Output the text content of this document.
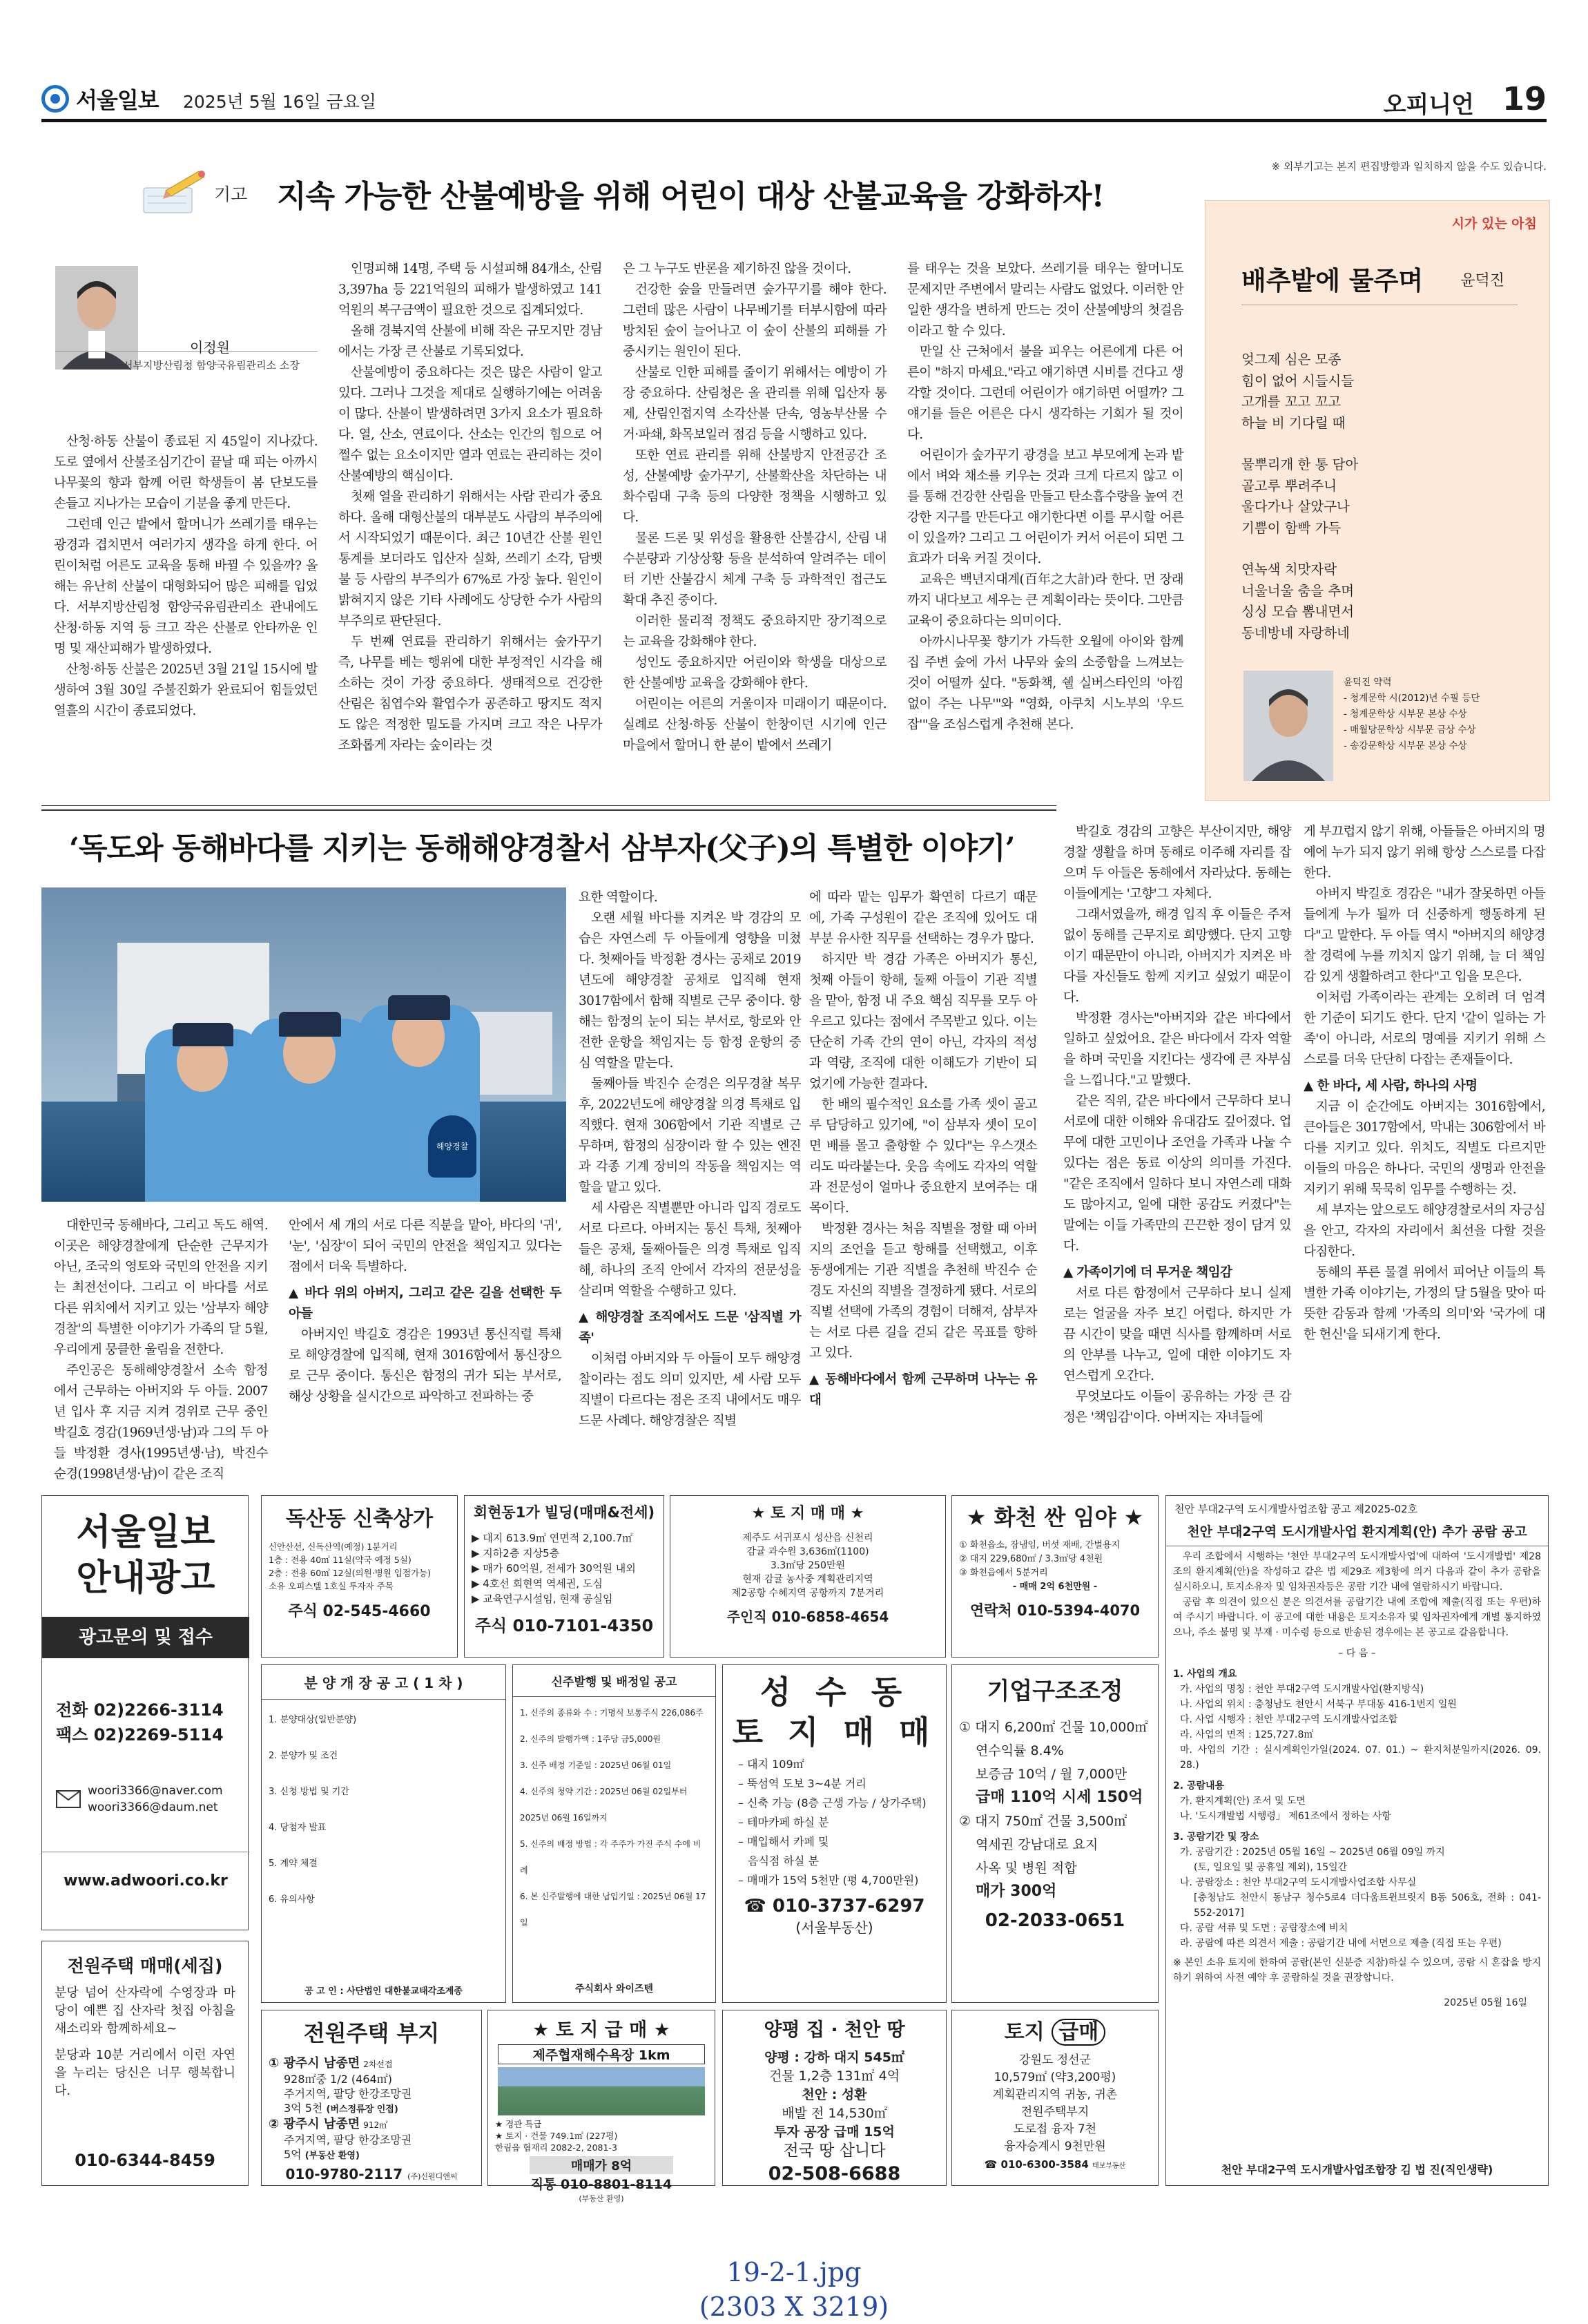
서울일보 2025년 5월 16일 금요일	오피니언 19
※ 외부기고는 본지 편집방향과 일치하지 않을 수도 있습니다.
기고 지속 가능한 산불예방을 위해 어린이 대상 산불교육을 강화하자!
이정원
서부지방산림청 함양국유림관리소 소장

산청·하동 산불이 종료된 지 45일이 지나갔다. 도로 옆에서 산불조심기간이 끝날 때 피는 아까시나무꽃의 향과 함께 어린 학생들이 봄 단보도를 손들고 지나가는 모습이 기분을 좋게 만든다.

그런데 인근 밭에서 할머니가 쓰레기를 태우는 광경과 겹치면서 여러가지 생각을 하게 한다. 어린이처럼 어른도 교육을 통해 바뀔 수 있을까? 올해는 유난히 산불이 대형화되어 많은 피해를 입었다. 서부지방산림청 함양국유림관리소 관내에도 산청·하동 지역 등 크고 작은 산불로 안타까운 인명 및 재산피해가 발생하였다.

산청·하동 산불은 2025년 3월 21일 15시에 발생하여 3월 30일 주불진화가 완료되어 힘들었던 열흘의 시간이 종료되었다.

인명피해 14명, 주택 등 시설피해 84개소, 산림 3,397ha 등 221억원의 피해가 발생하였고 141억원의 복구금액이 필요한 것으로 집계되었다.

올해 경북지역 산불에 비해 작은 규모지만 경남에서는 가장 큰 산불로 기록되었다.

산불예방이 중요하다는 것은 많은 사람이 알고 있다. 그러나 그것을 제대로 실행하기에는 어려움이 많다. 산불이 발생하려면 3가지 요소가 필요하다. 열, 산소, 연료이다. 산소는 인간의 힘으로 어쩔수 없는 요소이지만 열과 연료는 관리하는 것이 산불예방의 핵심이다.

첫째 열을 관리하기 위해서는 사람 관리가 중요하다. 올해 대형산불의 대부분도 사람의 부주의에서 시작되었기 때문이다. 최근 10년간 산불 원인 통계를 보더라도 입산자 실화, 쓰레기 소각, 담뱃불 등 사람의 부주의가 67%로 가장 높다. 원인이 밝혀지지 않은 기타 사례에도 상당한 수가 사람의 부주의로 판단된다.

두 번째 연료를 관리하기 위해서는 숲가꾸기 즉, 나무를 베는 행위에 대한 부정적인 시각을 해소하는 것이 가장 중요하다. 생태적으로 건강한 산림은 침엽수와 활엽수가 공존하고 땅지도 적지도 않은 적정한 밀도를 가지며 크고 작은 나무가 조화롭게 자라는 숲이라는 것

은 그 누구도 반론을 제기하진 않을 것이다.

건강한 숲을 만들려면 숲가꾸기를 해야 한다. 그런데 많은 사람이 나무베기를 터부시함에 따라 방치된 숲이 늘어나고 이 숲이 산불의 피해를 가중시키는 원인이 된다.

산불로 인한 피해를 줄이기 위해서는 예방이 가장 중요하다. 산림청은 올 관리를 위해 입산자 통제, 산림인접지역 소각산불 단속, 영농부산물 수거·파쇄, 화목보일러 점검 등을 시행하고 있다.

또한 연료 관리를 위해 산불방지 안전공간 조성, 산불예방 숲가꾸기, 산불확산을 차단하는 내화수림대 구축 등의 다양한 정책을 시행하고 있다.

물론 드론 및 위성을 활용한 산불감시, 산림 내 수분량과 기상상황 등을 분석하여 알려주는 데이터 기반 산불감시 체계 구축 등 과학적인 접근도 확대 추진 중이다.

이러한 물리적 정책도 중요하지만 장기적으로는 교육을 강화해야 한다.

성인도 중요하지만 어린이와 학생을 대상으로 한 산불예방 교육을 강화해야 한다.

어린이는 어른의 거울이자 미래이기 때문이다. 실례로 산청·하동 산불이 한창이던 시기에 인근 마을에서 할머니 한 분이 밭에서 쓰레기

를 태우는 것을 보았다. 쓰레기를 태우는 할머니도 문제지만 주변에서 말리는 사람도 없었다. 이러한 안일한 생각을 변하게 만드는 것이 산불예방의 첫걸음이라고 할 수 있다.

만일 산 근처에서 불을 피우는 어른에게 다른 어른이 "하지 마세요."라고 얘기하면 시비를 건다고 생각할 것이다. 그런데 어린이가 얘기하면 어떨까? 그 얘기를 들은 어른은 다시 생각하는 기회가 될 것이다.

어린이가 숲가꾸기 광경을 보고 부모에게 논과 밭에서 벼와 채소를 키우는 것과 크게 다르지 않고 이를 통해 건강한 산림을 만들고 탄소흡수량을 높여 건강한 지구를 만든다고 얘기한다면 이를 무시할 어른이 있을까? 그리고 그 어린이가 커서 어른이 되면 그 효과가 더욱 커질 것이다.

교육은 백년지대계(百年之大計)라 한다. 먼 장래까지 내다보고 세우는 큰 계획이라는 뜻이다. 그만큼 교육이 중요하다는 의미이다.

아까시나무꽃 향기가 가득한 오월에 아이와 함께 집 주변 숲에 가서 나무와 숲의 소중함을 느껴보는 것이 어떨까 싶다. "동화책, 쉘 실버스타인의 '아낌없이 주는 나무'"와 "영화, 아쿠치 시노부의 '우드 잡'"을 조심스럽게 추천해 본다.

시가 있는 아침
배추밭에 물주며 윤덕진
엊그제 심은 모종
힘이 없어 시들시들
고개를 꼬고 꼬고
하늘 비 기다릴 때
물뿌리개 한 통 담아
골고루 뿌려주니
울다가나 살았구나
기쁨이 함빡 가득
연녹색 치맛자락
너울너울 춤을 추며
싱싱 모습 뽐내면서
동네방네 자랑하네
윤덕진 약력
- 청계문학 시(2012)년 수필 등단
- 청계문학상 시부문 본상 수상
- 매월당문학상 시부문 금상 수상
- 송강문학상 시부문 본상 수상
‘독도와 동해바다를 지키는 동해해양경찰서 삼부자(父子)의 특별한 이야기’
해양경찰

대한민국 동해바다, 그리고 독도 해역. 이곳은 해양경찰에게 단순한 근무지가 아닌, 조국의 영토와 국민의 안전을 지키는 최전선이다. 그리고 이 바다를 서로 다른 위치에서 지키고 있는 '삼부자 해양경찰'의 특별한 이야기가 가족의 달 5월, 우리에게 뭉클한 울림을 전한다.

주인공은 동해해양경찰서 소속 함정에서 근무하는 아버지와 두 아들. 2007년 입사 후 지금 지켜 경위로 근무 중인 박길호 경감(1969년생·남)과 그의 두 아들 박정환 경사(1995년생·남), 박진수 순경(1998년생·남)이 같은 조직

안에서 세 개의 서로 다른 직분을 맡아, 바다의 '귀', '눈', '심장'이 되어 국민의 안전을 책임지고 있다는 점에서 더욱 특별하다.

▲ 바다 위의 아버지, 그리고 같은 길을 선택한 두 아들

아버지인 박길호 경감은 1993년 통신직렬 특채로 해양경찰에 입직해, 현재 3016함에서 통신장으로 근무 중이다. 통신은 함정의 귀가 되는 부서로, 해상 상황을 실시간으로 파악하고 전파하는 중

요한 역할이다.

오랜 세월 바다를 지켜온 박 경감의 모습은 자연스레 두 아들에게 영향을 미쳤다. 첫째아들 박정환 경사는 공채로 2019년도에 해양경찰 공채로 입직해 현재 3017함에서 함해 직별로 근무 중이다. 항해는 함정의 눈이 되는 부서로, 항로와 안전한 운항을 책임지는 등 함정 운항의 중심 역할을 맡는다.

둘째아들 박진수 순경은 의무경찰 복무 후, 2022년도에 해양경찰 의경 특채로 입직했다. 현재 306함에서 기관 직별로 근무하며, 함정의 심장이라 할 수 있는 엔진과 각종 기계 장비의 작동을 책임지는 역할을 맡고 있다.

세 사람은 직별뿐만 아니라 입직 경로도 서로 다르다. 아버지는 통신 특채, 첫째아들은 공채, 둘째아들은 의경 특채로 입직해, 하나의 조직 안에서 각자의 전문성을 살리며 역할을 수행하고 있다.

▲ 해양경찰 조직에서도 드문 '삼직별 가족'

이처럼 아버지와 두 아들이 모두 해양경찰이라는 점도 의미 있지만, 세 사람 모두 직별이 다르다는 점은 조직 내에서도 매우 드문 사례다. 해양경찰은 직별

에 따라 맡는 임무가 확연히 다르기 때문에, 가족 구성원이 같은 조직에 있어도 대부분 유사한 직무를 선택하는 경우가 많다.

하지만 박 경감 가족은 아버지가 통신, 첫째 아들이 항해, 둘째 아들이 기관 직별을 맡아, 함정 내 주요 핵심 직무를 모두 아우르고 있다는 점에서 주목받고 있다. 이는 단순히 가족 간의 연이 아닌, 각자의 적성과 역량, 조직에 대한 이해도가 기반이 되었기에 가능한 결과다.

한 배의 필수적인 요소를 가족 셋이 골고루 담당하고 있기에, "이 삼부자 셋이 모이면 배를 몰고 출항할 수 있다"는 우스갯소리도 따라붙는다. 웃음 속에도 각자의 역할과 전문성이 얼마나 중요한지 보여주는 대목이다.

박정환 경사는 처음 직별을 정할 때 아버지의 조언을 듣고 항해를 선택했고, 이후 동생에게는 기관 직별을 추천해 박진수 순경도 자신의 직별을 결정하게 됐다. 서로의 직별 선택에 가족의 경험이 더해져, 삼부자는 서로 다른 길을 걷되 같은 목표를 향하고 있다.

▲ 동해바다에서 함께 근무하며 나누는 유대

박길호 경감의 고향은 부산이지만, 해양경찰 생활을 하며 동해로 이주해 자리를 잡으며 두 아들은 동해에서 자라났다. 동해는 이들에게는 '고향'그 자체다.

그래서였을까, 해경 입직 후 이들은 주저 없이 동해를 근무지로 희망했다. 단지 고향이기 때문만이 아니라, 아버지가 지켜온 바다를 자신들도 함께 지키고 싶었기 때문이다.

박정환 경사는"아버지와 같은 바다에서 일하고 싶었어요. 같은 바다에서 각자 역할을 하며 국민을 지킨다는 생각에 큰 자부심을 느낍니다."고 말했다.

같은 직위, 같은 바다에서 근무하다 보니 서로에 대한 이해와 유대감도 깊어졌다. 업무에 대한 고민이나 조언을 가족과 나눌 수 있다는 점은 동료 이상의 의미를 가진다. "같은 조직에서 일하다 보니 자연스레 대화도 많아지고, 일에 대한 공감도 커졌다"는 말에는 이들 가족만의 끈끈한 정이 담겨 있다.

▲ 가족이기에 더 무거운 책임감

서로 다른 함정에서 근무하다 보니 실제로는 얼굴을 자주 보긴 어렵다. 하지만 가끔 시간이 맞을 때면 식사를 함께하며 서로의 안부를 나누고, 일에 대한 이야기도 자연스럽게 오간다.

무엇보다도 이들이 공유하는 가장 큰 감정은 '책임감'이다. 아버지는 자녀들에

게 부끄럽지 않기 위해, 아들들은 아버지의 명예에 누가 되지 않기 위해 항상 스스로를 다잡한다.

아버지 박길호 경감은 "내가 잘못하면 아들들에게 누가 될까 더 신중하게 행동하게 된다"고 말한다. 두 아들 역시 "아버지의 해양경찰 경력에 누를 끼치지 않기 위해, 늘 더 책임감 있게 생활하려고 한다"고 입을 모은다.

이처럼 가족이라는 관계는 오히려 더 엄격한 기준이 되기도 한다. 단지 '같이 일하는 가족'이 아니라, 서로의 명예를 지키기 위해 스스로를 더욱 단단히 다잡는 존재들이다.

▲ 한 바다, 세 사람, 하나의 사명

지금 이 순간에도 아버지는 3016함에서, 큰아들은 3017함에서, 막내는 306함에서 바다를 지키고 있다. 위치도, 직별도 다르지만 이들의 마음은 하나다. 국민의 생명과 안전을 지키기 위해 묵묵히 임무를 수행하는 것.

세 부자는 앞으로도 해양경찰로서의 자긍심을 안고, 각자의 자리에서 최선을 다할 것을 다짐한다.

동해의 푸른 물결 위에서 피어난 이들의 특별한 가족 이야기는, 가정의 달 5월을 맞아 따뜻한 감동과 함께 '가족의 의미'와 '국가에 대한 헌신'을 되새기게 한다.

서울일보
안내광고
광고문의 및 접수
전화 02)2266-3114
팩스 02)2269-5114
woori3366@naver.com
woori3366@daum.net
www.adwoori.co.kr
독산동 신축상가
신안산선, 신독산역(예정) 1분거리
1층 : 전용 40㎡ 11실(약국 예정 5실)
2층 : 전용 60㎡ 12실(의원·병원 입점가능)
소유 오피스텔 1호실 투자자 주목
주식 02-545-4660
회현동1가 빌딩(매매&전세)
▶ 대지 613.9㎡ 연면적 2,100.7㎡
▶ 지하2층 지상5층
▶ 매가 60억원, 전세가 30억원 내외
▶ 4호선 회현역 역세권, 도심
▶ 교육연구시설임, 현재 공실임
주식 010-7101-4350
★ 토 지 매 매 ★
제주도 서귀포시 성산읍 신천리
감귤 과수원 3,636㎡(1100)
3.3㎡당 250만원
현재 감귤 농사중 계획관리지역
제2공항 수혜지역 공항까지 7분거리
주인직 010-6858-4654
★ 화천 싼 임야 ★
① 화천읍소, 잠냄임, 버섯 재배, 간벌용지
② 대지 229,680㎡ / 3.3㎡당 4천원
③ 화천읍에서 5분거리
- 매매 2억 6천만원 -
연락처 010-5394-4070
분 양 개 장 공 고 ( 1 차 )
1. 분양대상(일반분양)
2. 분양가 및 조건
3. 신청 방법 및 기간
4. 당첨자 발표
5. 계약 체결
6. 유의사항
공 고 인 : 사단법인 대한불교태각조계종
신주발행 및 배정일 공고
1. 신주의 종류와 수 : 기명식 보통주식 226,086주
2. 신주의 발행가액 : 1주당 금5,000원
3. 신주 배정 기준일 : 2025년 06월 01일
4. 신주의 청약 기간 : 2025년 06월 02일부터
2025년 06월 16일까지
5. 신주의 배정 방법 : 각 주주가 가진 주식 수에 비례
6. 본 신주발행에 대한 납입기일 : 2025년 06월 17일
주식회사 와이즈텐
성 수 동
토 지 매 매
– 대지 109㎡
– 뚝섬역 도보 3~4분 거리
– 신축 가능 (8층 근생 가능 / 상가주택)
– 테마카페 하실 분
– 매입해서 카페 및
음식점 하실 분
– 매매가 15억 5천만 (평 4,700만원)
☎ 010-3737-6297
(서울부동산)
기업구조조정
① 대지 6,200㎡ 건물 10,000㎡
연수익률 8.4%
보증금 10억 / 월 7,000만
급매 110억 시세 150억
② 대지 750㎡ 건물 3,500㎡
역세권 강남대로 요지
사옥 및 병원 적합
매가 300억
02-2033-0651
천안 부대2구역 도시개발사업조합 공고 제2025-02호
천안 부대2구역 도시개발사업 환지계획(안) 추가 공람 공고
우리 조합에서 시행하는 '천안 부대2구역 도시개발사업'에 대하여 '도시개발법' 제28조의 환지계획(안)을 작성하고 같은 법 제29조 제3항에 의거 다음과 같이 추가 공람을 실시하오니, 토지소유자 및 임차권자등은 공람 기간 내에 열람하시기 바랍니다.
공람 후 의견이 있으신 분은 의견서를 공람기간 내에 조합에 제출(직접 또는 우편)하여 주시기 바랍니다. 이 공고에 대한 내용은 토지소유자 및 임차권자에게 개별 통지하였으나, 주소 불명 및 부재 · 미수령 등으로 반송된 경우에는 본 공고로 갈음합니다.
– 다 음 –
1. 사업의 개요
가. 사업의 명칭 : 천안 부대2구역 도시개발사업(환지방식)
나. 사업의 위치 : 충청남도 천안시 서북구 부대동 416-1번지 일원
다. 사업 시행자 : 천안 부대2구역 도시개발사업조합
라. 사업의 면적 : 125,727.8㎡
마. 사업의 기간 : 실시계획인가일(2024. 07. 01.) ~ 환지처분일까지(2026. 09. 28.)
2. 공람내용
가. 환지계획(안) 조서 및 도면
나. '도시개발법 시행령」 제61조에서 정하는 사항
3. 공람기간 및 장소
가. 공람기간 : 2025년 05월 16일 ~ 2025년 06월 09일 까지
(토, 일요일 및 공휴일 제외), 15일간
나. 공람장소 : 천안 부대2구역 도시개발사업조합 사무실
[충청남도 천안시 동남구 청수5로4 더다움트윈브릿지 B동 506호, 전화 : 041-552-2017]
다. 공람 서류 및 도면 : 공람장소에 비치
라. 공람에 따른 의견서 제출 : 공람기간 내에 서면으로 제출 (직접 또는 우편)
※ 본인 소유 토지에 한하여 공람(본인 신분증 지참)하실 수 있으며, 공람 시 혼잡을 방지하기 위하여 사전 예약 후 공람하실 것을 권장합니다.
2025년 05월 16일
천안 부대2구역 도시개발사업조합장 김 법 진(직인생략)
전원주택 매매(세집)
분당 넘어 산자락에 수영장과 마당이 예쁜 집 산자락 첫집 아침을 새소리와 함께하세요~
분당과 10분 거리에서 이런 자연을 누리는 당신은 너무 행복합니다.
010-6344-8459
전원주택 부지
① 광주시 남종면 2차선접
928㎡중 1/2 (464㎡)
주거지역, 팔당 한강조망권
3억 5천 (버스정류장 인접)
② 광주시 남종면 912㎡
주거지역, 팔당 한강조망권
5억 (부동산 환영)
010-9780-2117 (주)신원디앤씨
★ 토 지 급 매 ★
제주협재해수욕장 1km
★ 경관 특급
★ 토지 · 건물 749.1㎡ (227평)
한림읍 협재리 2082-2, 2081-3
매매가 8억
직통 010-8801-8114
(부동산 환영)
양평 집 · 천안 땅
양평 : 강하 대지 545㎡
건물 1,2층 131㎡ 4억
천안 : 성환
배발 전 14,530㎡
투자 공장 급매 15억
전국 땅 삽니다
02-508-6688
토지 급매
강원도 정선군
10,579㎡ (약3,200평)
계획관리지역 귀농, 귀촌
전원주택부지
도로접 융자 7천
융자승계시 9천만원
☎ 010-6300-3584 태보부동산
19-2-1.jpg
(2303 X 3219)
